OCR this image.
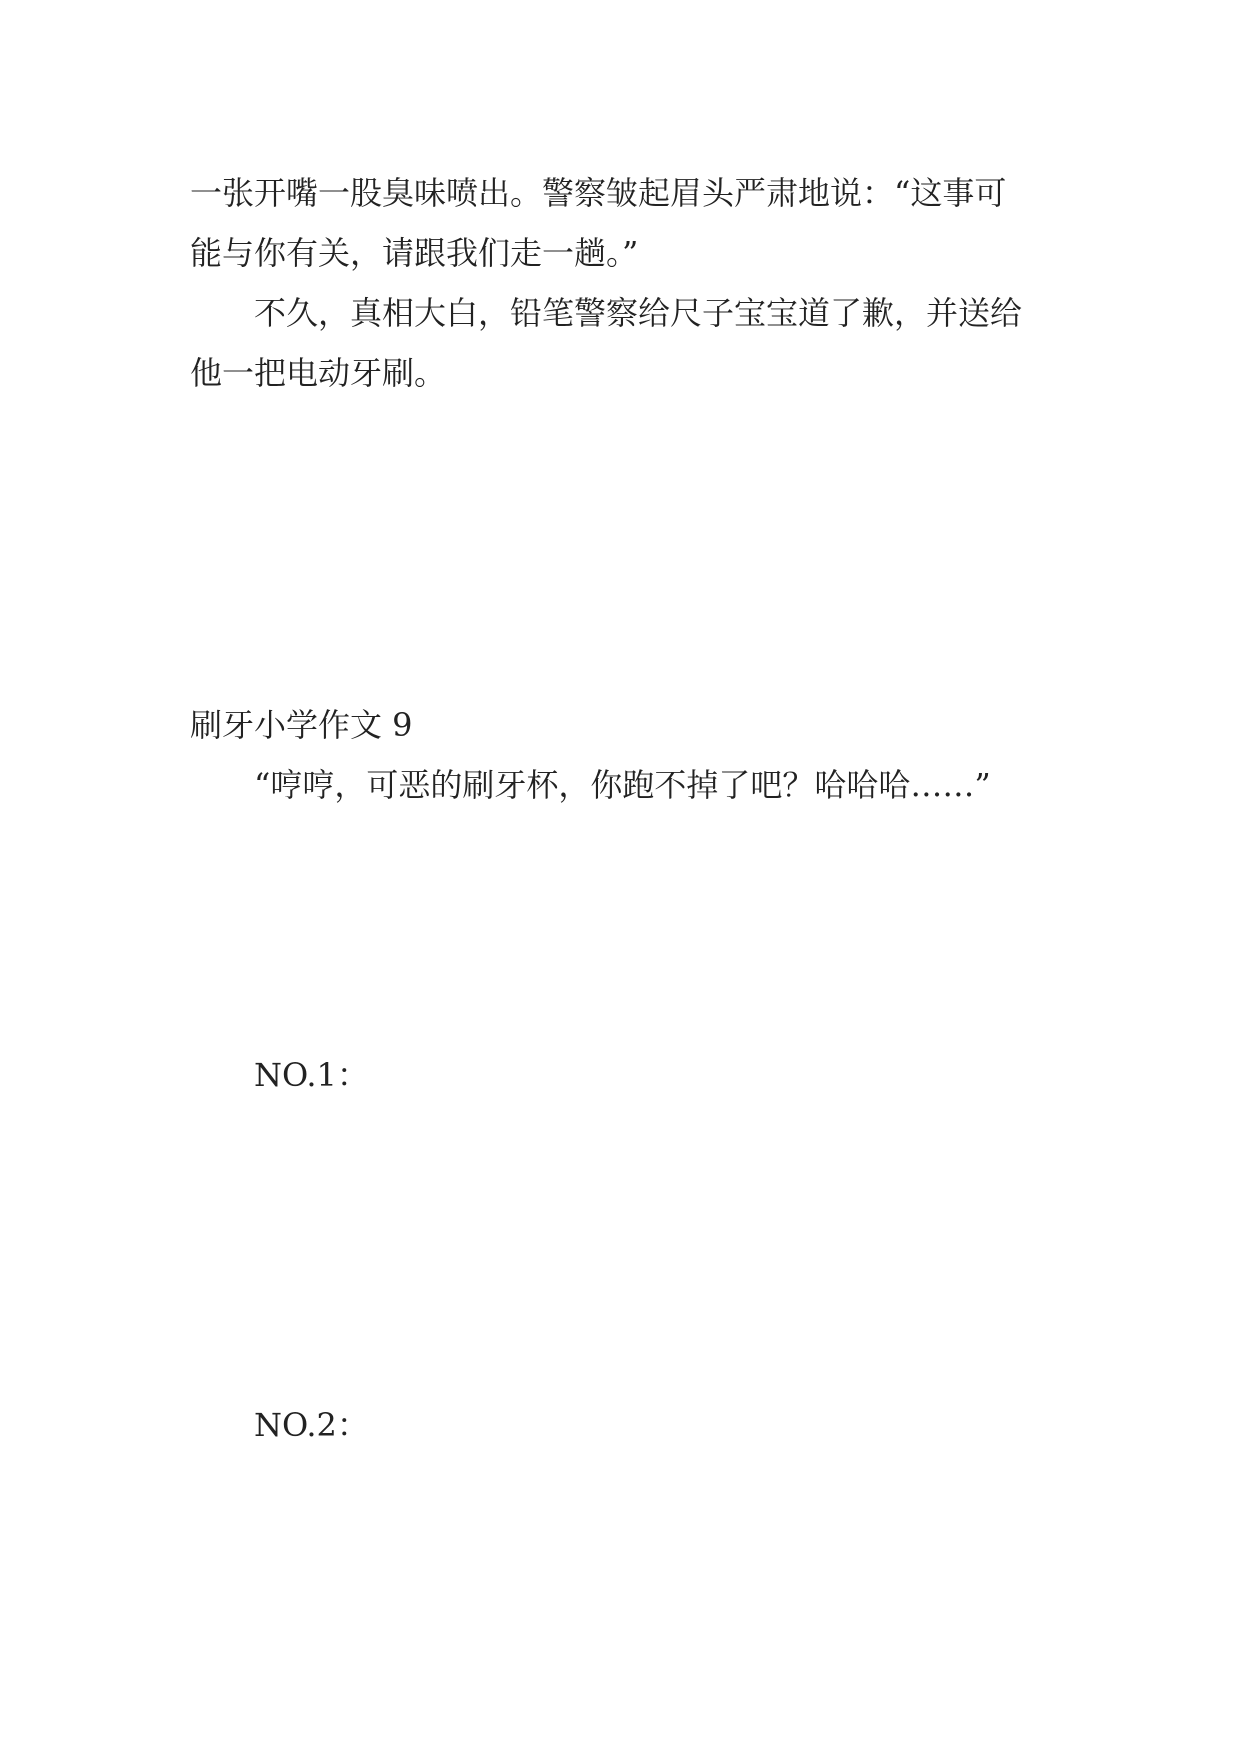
一张开嘴一股臭味喷出。警察皱起眉头严肃地说：“这事可
能与你有关，请跟我们走一趟。”
不久，真相大白，铅笔警察给尺子宝宝道了歉，并送给
他一把电动牙刷。
刷牙小学作文 9
“哼哼，可恶的刷牙杯，你跑不掉了吧？哈哈哈……”
NO.1：
NO.2：
